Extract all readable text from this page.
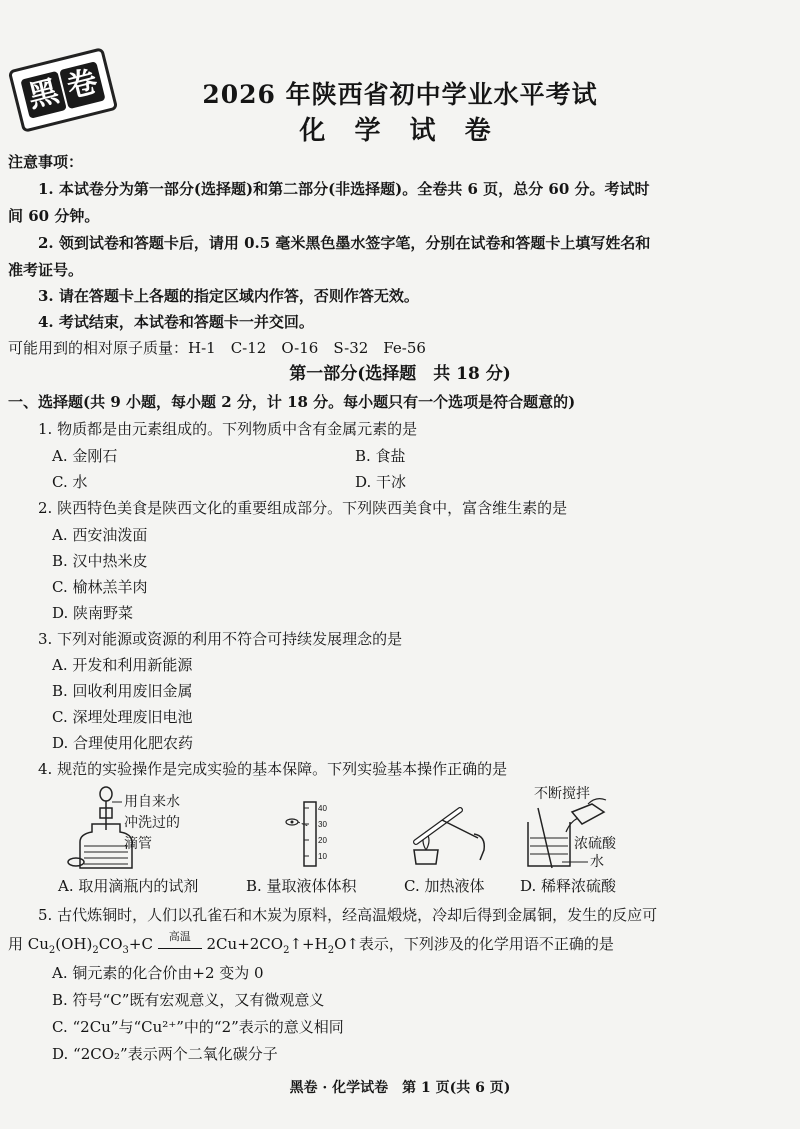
黑 卷	2026 年陕西省初中学业水平考试
化 学 试 卷
注意事项：
1. 本试卷分为第一部分(选择题)和第二部分(非选择题)。全卷共 6 页，总分 60 分。考试时
间 60 分钟。
2. 领到试卷和答题卡后，请用 0.5 毫米黑色墨水签字笔，分别在试卷和答题卡上填写姓名和
准考证号。
3. 请在答题卡上各题的指定区域内作答，否则作答无效。
4. 考试结束，本试卷和答题卡一并交回。
可能用到的相对原子质量：H-1　C-12　O-16　S-32　Fe-56
第一部分(选择题　共 18 分)
一、选择题(共 9 小题，每小题 2 分，计 18 分。每小题只有一个选项是符合题意的)
1. 物质都是由元素组成的。下列物质中含有金属元素的是
A. 金刚石	B. 食盐
C. 水	D. 干冰
2. 陕西特色美食是陕西文化的重要组成部分。下列陕西美食中，富含维生素的是
A. 西安油泼面
B. 汉中热米皮
C. 榆林羔羊肉
D. 陕南野菜
3. 下列对能源或资源的利用不符合可持续发展理念的是
A. 开发和利用新能源
B. 回收利用废旧金属
C. 深埋处理废旧电池
D. 合理使用化肥农药
4. 规范的实验操作是完成实验的基本保障。下列实验基本操作正确的是
用自来水
冲洗过的
滴管
40
30
20
10
不断搅拌
浓硫酸
水
A. 取用滴瓶内的试剂	B. 量取液体体积	C. 加热液体 D. 稀释浓硫酸
5. 古代炼铜时，人们以孔雀石和木炭为原料，经高温煅烧，冷却后得到金属铜，发生的反应可
用 $Cu_2(OH)_2CO_3+C$	高温	$2Cu+2CO_2↑+H_2O↑$表示，下列涉及的化学用语不正确的是
A. 铜元素的化合价由+2 变为 0
B. 符号“C”既有宏观意义，又有微观意义
C. “2Cu”与“Cu²⁺”中的“2”表示的意义相同
D. “2CO₂”表示两个二氧化碳分子
黑卷 · 化学试卷　第 1 页(共 6 页)
